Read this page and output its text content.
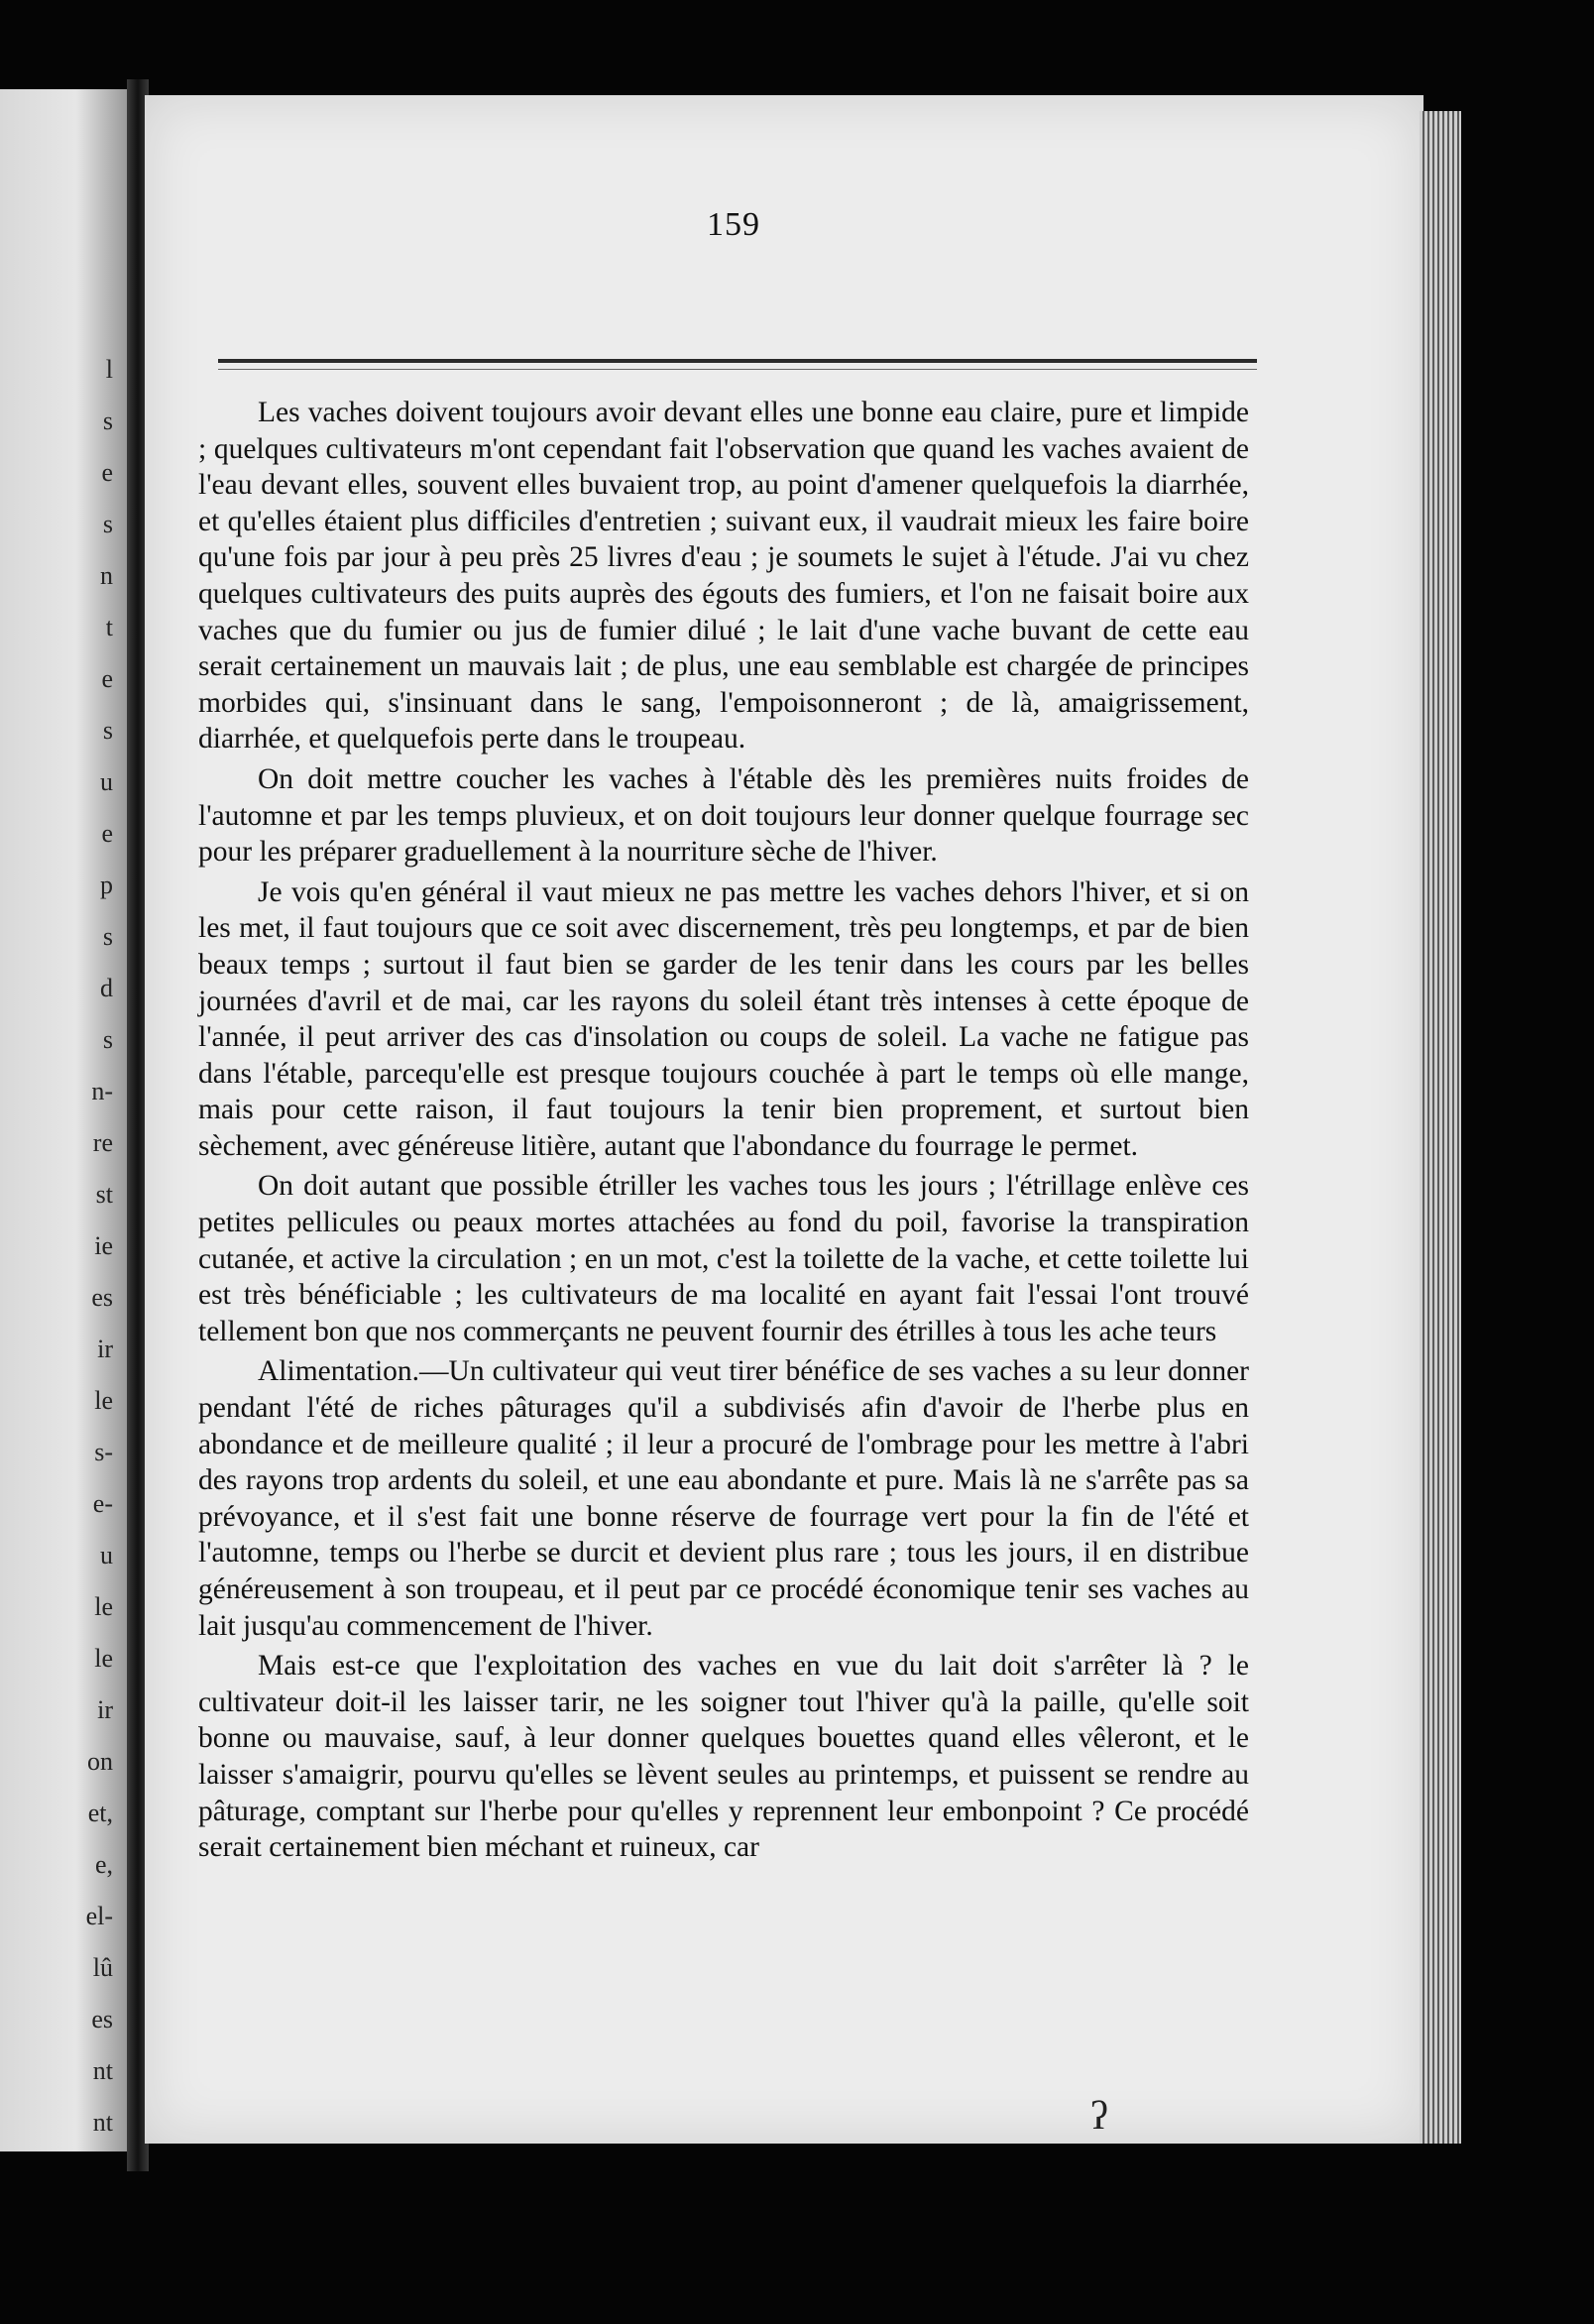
l
s
e
s
n
t
e
s
u
e
p
s
d
s
n-
re
st
ie
es
ir
le
s-
e-
u
le
le
ir
on
et,
e,
el-
lû
es
nt
nt
159

Les vaches doivent toujours avoir devant elles une bonne eau claire, pure et limpide ; quelques cultivateurs m'ont cependant fait l'observation que quand les vaches avaient de l'eau devant elles, souvent elles buvaient trop, au point d'amener quelquefois la diarrhée, et qu'elles étaient plus difficiles d'entretien ; suivant eux, il vaudrait mieux les faire boire qu'une fois par jour à peu près 25 livres d'eau ; je soumets le sujet à l'étude. J'ai vu chez quelques cultivateurs des puits auprès des égouts des fumiers, et l'on ne faisait boire aux vaches que du fumier ou jus de fumier dilué ; le lait d'une vache buvant de cette eau serait certainement un mauvais lait ; de plus, une eau semblable est chargée de principes morbides qui, s'insinuant dans le sang, l'empoisonneront ; de là, amaigrissement, diarrhée, et quelquefois perte dans le troupeau.

On doit mettre coucher les vaches à l'étable dès les premières nuits froides de l'automne et par les temps pluvieux, et on doit toujours leur donner quelque fourrage sec pour les préparer graduellement à la nourriture sèche de l'hiver.

Je vois qu'en général il vaut mieux ne pas mettre les vaches dehors l'hiver, et si on les met, il faut toujours que ce soit avec discernement, très peu longtemps, et par de bien beaux temps ; surtout il faut bien se garder de les tenir dans les cours par les belles journées d'avril et de mai, car les rayons du soleil étant très intenses à cette époque de l'année, il peut arriver des cas d'insolation ou coups de soleil. La vache ne fatigue pas dans l'étable, parcequ'elle est presque toujours couchée à part le temps où elle mange, mais pour cette raison, il faut toujours la tenir bien proprement, et surtout bien sèchement, avec généreuse litière, autant que l'abondance du fourrage le permet.

On doit autant que possible étriller les vaches tous les jours ; l'étrillage enlève ces petites pellicules ou peaux mortes attachées au fond du poil, favorise la transpiration cutanée, et active la circulation ; en un mot, c'est la toilette de la vache, et cette toilette lui est très bénéficiable ; les cultivateurs de ma localité en ayant fait l'essai l'ont trouvé tellement bon que nos commerçants ne peuvent fournir des étrilles à tous les ache teurs

Alimentation.—Un cultivateur qui veut tirer bénéfice de ses vaches a su leur donner pendant l'été de riches pâturages qu'il a subdivisés afin d'avoir de l'herbe plus en abondance et de meilleure qualité ; il leur a procuré de l'ombrage pour les mettre à l'abri des rayons trop ardents du soleil, et une eau abondante et pure. Mais là ne s'arrête pas sa prévoyance, et il s'est fait une bonne réserve de fourrage vert pour la fin de l'été et l'automne, temps ou l'herbe se durcit et devient plus rare ; tous les jours, il en distribue généreusement à son troupeau, et il peut par ce procédé économique tenir ses vaches au lait jusqu'au commencement de l'hiver.

Mais est-ce que l'exploitation des vaches en vue du lait doit s'arrêter là ? le cultivateur doit-il les laisser tarir, ne les soigner tout l'hiver qu'à la paille, qu'elle soit bonne ou mauvaise, sauf, à leur donner quelques bouettes quand elles vêleront, et le laisser s'amaigrir, pourvu qu'elles se lèvent seules au printemps, et puissent se rendre au pâturage, comptant sur l'herbe pour qu'elles y reprennent leur embonpoint ? Ce procédé serait certainement bien méchant et ruineux, car

ʔ
